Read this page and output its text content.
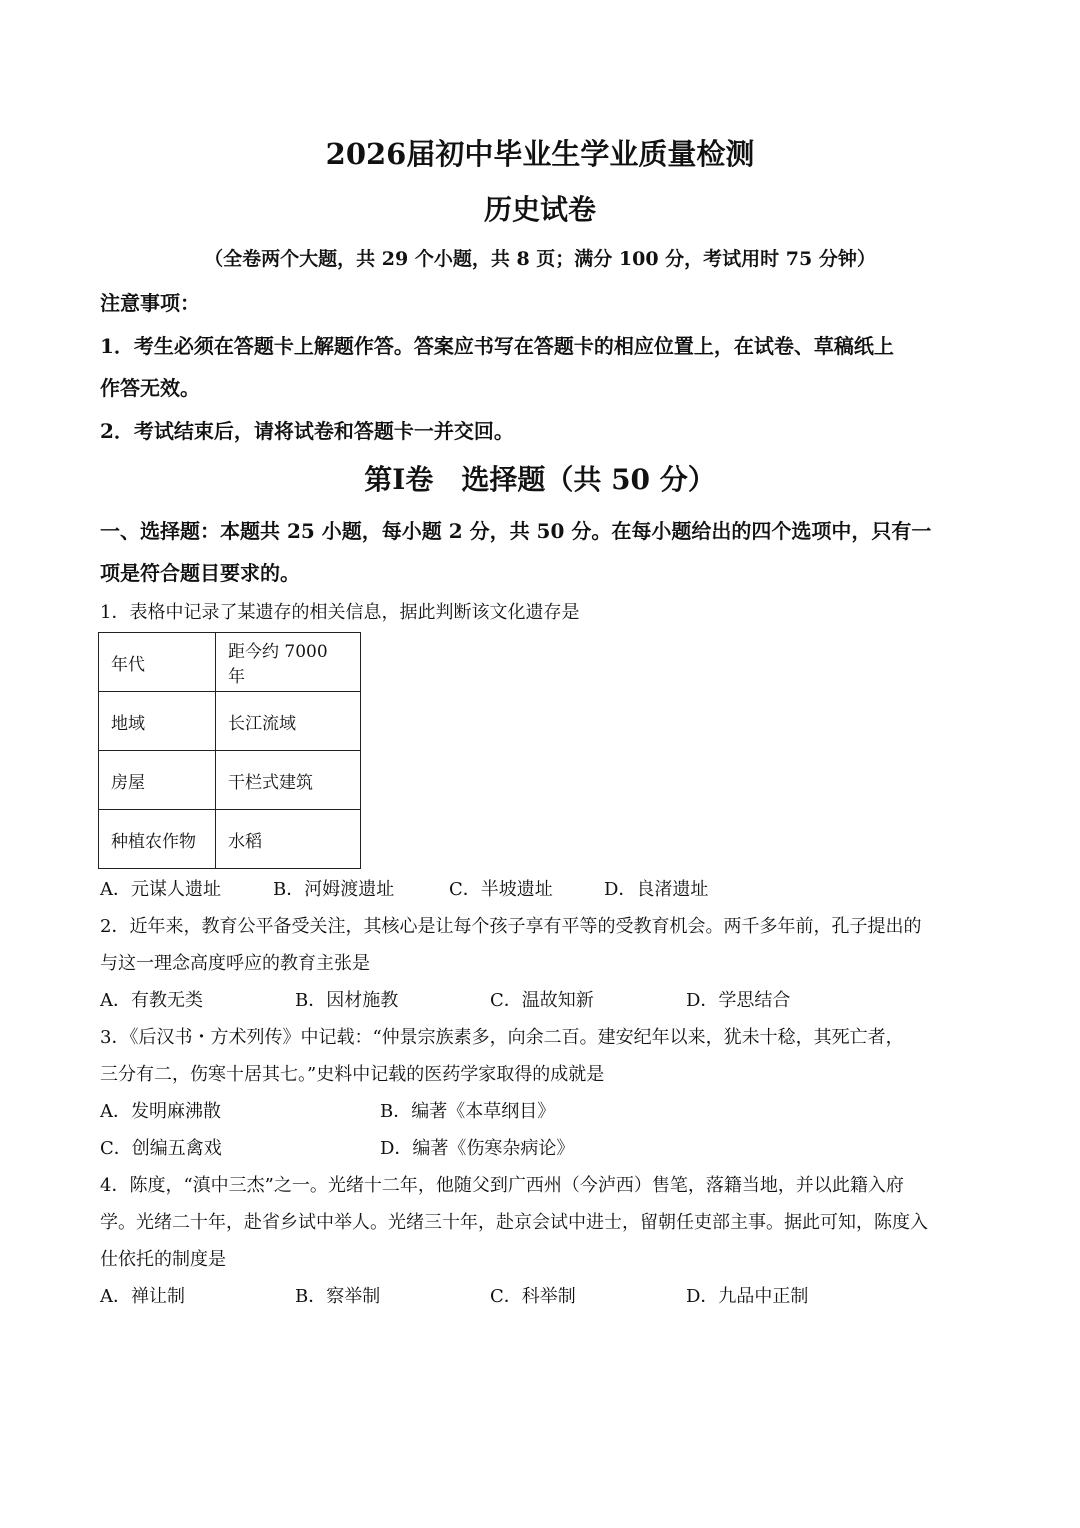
2026届初中毕业生学业质量检测
历史试卷
（全卷两个大题，共 29 个小题，共 8 页；满分 100 分，考试用时 75 分钟）
注意事项：
1．考生必须在答题卡上解题作答。答案应书写在答题卡的相应位置上，在试卷、草稿纸上
作答无效。
2．考试结束后，请将试卷和答题卡一并交回。
第Ⅰ卷　选择题（共 50 分）
一、选择题：本题共 25 小题，每小题 2 分，共 50 分。在每小题给出的四个选项中，只有一
项是符合题目要求的。
1．表格中记录了某遗存的相关信息，据此判断该文化遗存是
年代	距今约 7000 年
地域	长江流域
房屋	干栏式建筑
种植农作物	水稻
A．元谋人遗址	B．河姆渡遗址	C．半坡遗址	D．良渚遗址
2．近年来，教育公平备受关注，其核心是让每个孩子享有平等的受教育机会。两千多年前，孔子提出的
与这一理念高度呼应的教育主张是
A．有教无类	B．因材施教	C．温故知新	D．学思结合
3．《后汉书・方术列传》中记载：“仲景宗族素多，向余二百。建安纪年以来，犹未十稔，其死亡者，
三分有二，伤寒十居其七。”史料中记载的医药学家取得的成就是
A．发明麻沸散	B．编著《本草纲目》
C．创编五禽戏	D．编著《伤寒杂病论》
4．陈度，“滇中三杰”之一。光绪十二年，他随父到广西州（今泸西）售笔，落籍当地，并以此籍入府
学。光绪二十年，赴省乡试中举人。光绪三十年，赴京会试中进士，留朝任吏部主事。据此可知，陈度入
仕依托的制度是
A．禅让制	B．察举制	C．科举制	D．九品中正制
